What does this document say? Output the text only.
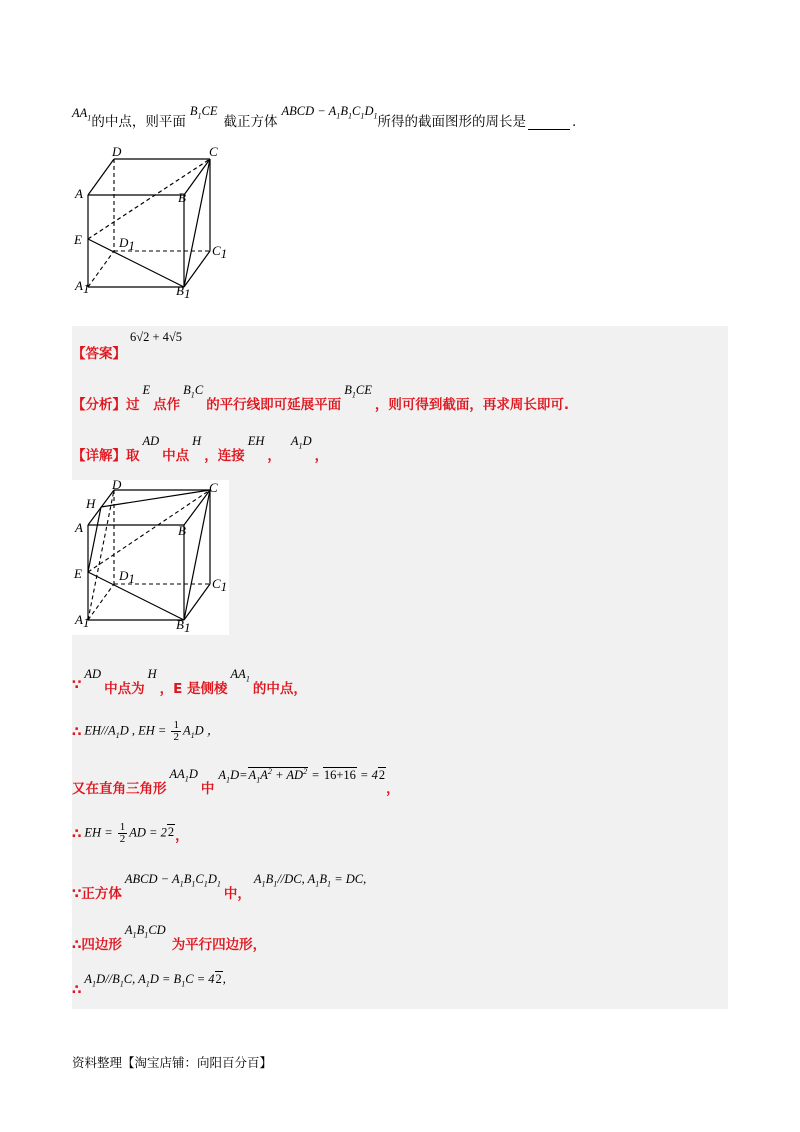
$AA_1$ 的中点，则平面
$B_1CE$
截正方体
ABCD − $A_1B_1C_1D_1$ 所得的截面图形的周长是	.
D	C
A	B
E	D1	C1
A1	B1
【答案】
6√2 + 4√5
【分析】过
E
点作
$B_1C$
的平行线即可延展平面
$B_1CE$
，则可得到截面，再求周长即可.
【详解】取
AD
中点
H
，连接
EH
，
$A_1D$
，
H
D	C
A	B
E	D1	C1
A1	B1
∵
AD
中点为
H
，E 是侧棱
$AA_1$
的中点，
∴ $EH//A_1D$ , EH = $\frac{1}{2} A_1D$ ，
又在直角三角形
$AA_1D$
中
$A_1D=A_1A^2 + AD^2 = 16+16 = 42$
，
∴ EH = $\frac{1}{2}$ AD = 22 ，
∵正方体
ABCD − $A_1B_1C_1D_1$
中，
$A_1B_1//DC$, $A_1B_1$ = DC,
∴四边形
$A_1B_1CD$
为平行四边形，
∴
$A_1D//B_1C$, $A_1D = B_1C = 42$,
资料整理【淘宝店铺：向阳百分百】
